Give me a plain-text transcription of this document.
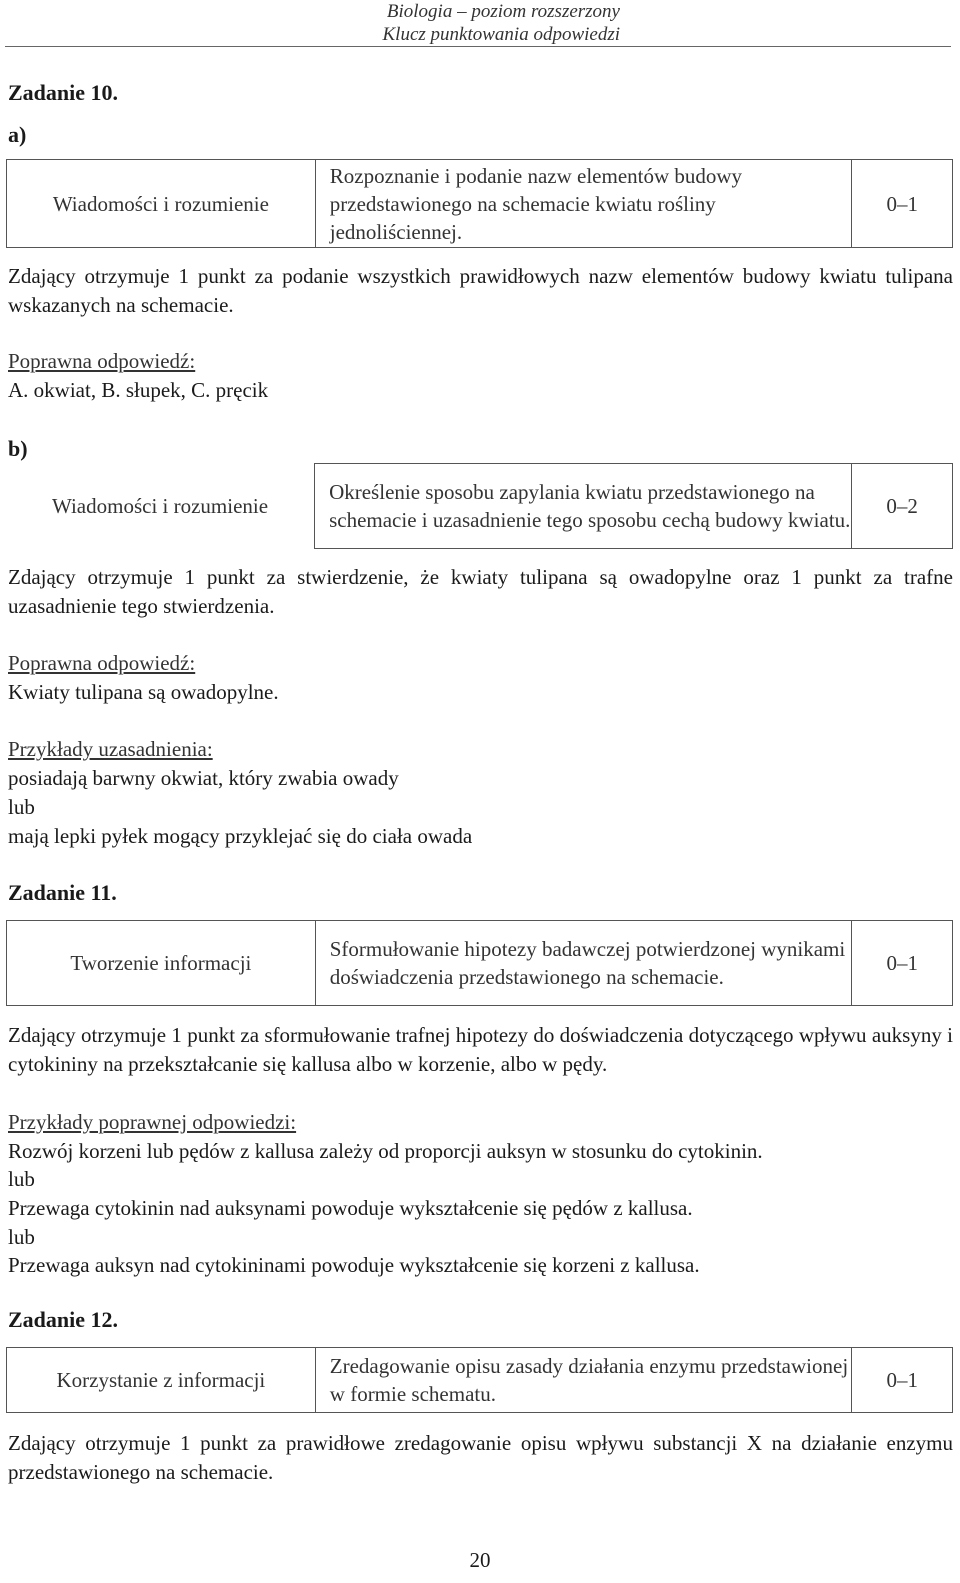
Biologia – poziom rozszerzony
Klucz punktowania odpowiedzi
Zadanie 10.
a)
Wiadomości i rozumienie	Rozpoznanie i podanie nazw elementów budowy przedstawionego na schemacie kwiatu rośliny jednoliściennej.	0–1
Zdający otrzymuje 1 punkt za podanie wszystkich prawidłowych nazw elementów budowy kwiatu tulipana wskazanych na schemacie.
Poprawna odpowiedź:
A. okwiat, B. słupek, C. pręcik
b)
Wiadomości i rozumienie	Określenie sposobu zapylania kwiatu przedstawionego na schemacie i uzasadnienie tego sposobu cechą budowy kwiatu.	0–2
Zdający otrzymuje 1 punkt za stwierdzenie, że kwiaty tulipana są owadopylne oraz 1 punkt za trafne uzasadnienie tego stwierdzenia.
Poprawna odpowiedź:
Kwiaty tulipana są owadopylne.
Przykłady uzasadnienia:
posiadają barwny okwiat, który zwabia owady
lub
mają lepki pyłek mogący przyklejać się do ciała owada
Zadanie 11.
Tworzenie informacji	Sformułowanie hipotezy badawczej potwierdzonej wynikami doświadczenia przedstawionego na schemacie.	0–1
Zdający otrzymuje 1 punkt za sformułowanie trafnej hipotezy do doświadczenia dotyczącego wpływu auksyny i cytokininy na przekształcanie się kallusa albo w korzenie, albo w pędy.
Przykłady poprawnej odpowiedzi:
Rozwój korzeni lub pędów z kallusa zależy od proporcji auksyn w stosunku do cytokinin.
lub
Przewaga cytokinin nad auksynami powoduje wykształcenie się pędów z kallusa.
lub
Przewaga auksyn nad cytokininami powoduje wykształcenie się korzeni z kallusa.
Zadanie 12.
Korzystanie z informacji	Zredagowanie opisu zasady działania enzymu przedstawionej w formie schematu.	0–1
Zdający otrzymuje 1 punkt za prawidłowe zredagowanie opisu wpływu substancji X na działanie enzymu przedstawionego na schemacie.
20
